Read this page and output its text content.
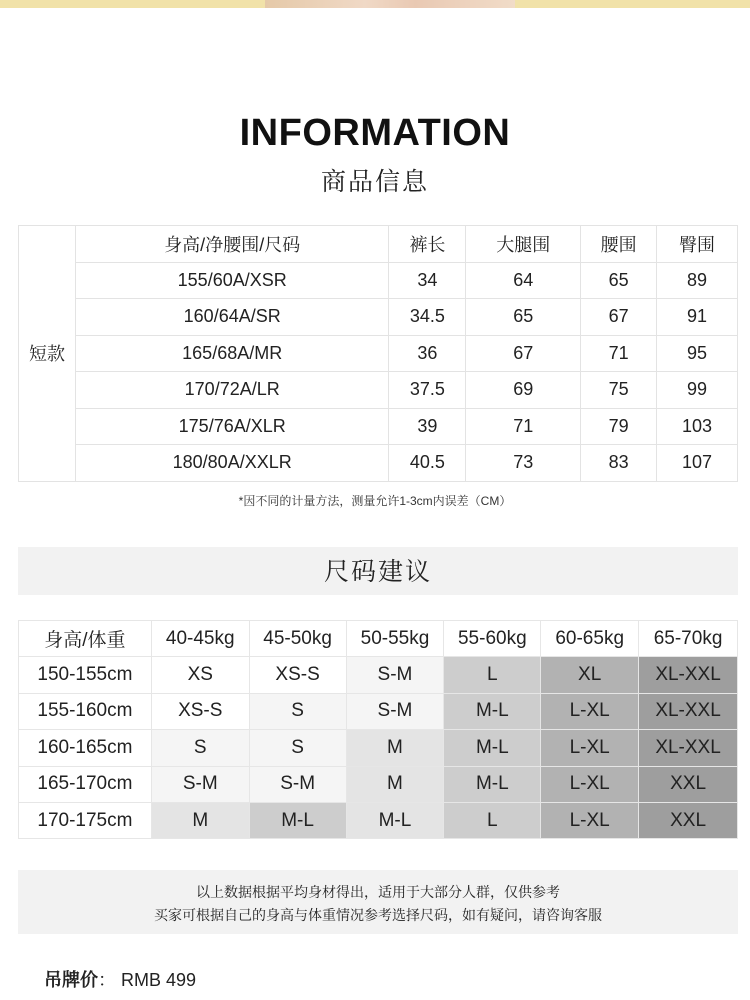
INFORMATION
商品信息
短款	身高/净腰围/尺码	裤长	大腿围	腰围	臀围
	155/60A/XSR	34	64	65	89
	160/64A/SR	34.5	65	67	91
	165/68A/MR	36	67	71	95
	170/72A/LR	37.5	69	75	99
	175/76A/XLR	39	71	79	103
	180/80A/XXLR	40.5	73	83	107
*因不同的计量方法，测量允许1-3cm内误差（CM）
尺码建议
身高/体重	40-45kg	45-50kg	50-55kg	55-60kg	60-65kg	65-70kg
150-155cm	XS	XS-S	S-M	L	XL	XL-XXL
155-160cm	XS-S	S	S-M	M-L	L-XL	XL-XXL
160-165cm	S	S	M	M-L	L-XL	XL-XXL
165-170cm	S-M	S-M	M	M-L	L-XL	XXL
170-175cm	M	M-L	M-L	L	L-XL	XXL
以上数据根据平均身材得出，适用于大部分人群，仅供参考
买家可根据自己的身高与体重情况参考选择尺码，如有疑问，请咨询客服
吊牌价： RMB 499
